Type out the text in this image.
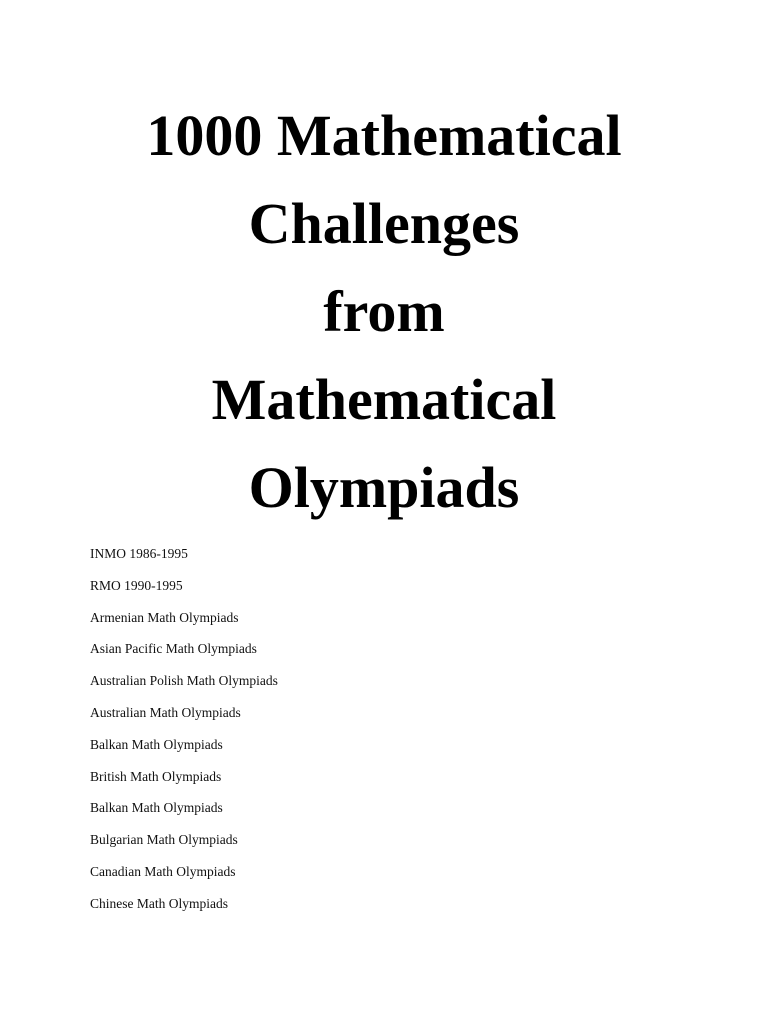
1000 Mathematical
Challenges
from
Mathematical
Olympiads
INMO 1986-1995
RMO 1990-1995
Armenian Math Olympiads
Asian Pacific Math Olympiads
Australian Polish Math Olympiads
Australian Math Olympiads
Balkan Math Olympiads
British Math Olympiads
Balkan Math Olympiads
Bulgarian Math Olympiads
Canadian Math Olympiads
Chinese Math Olympiads
